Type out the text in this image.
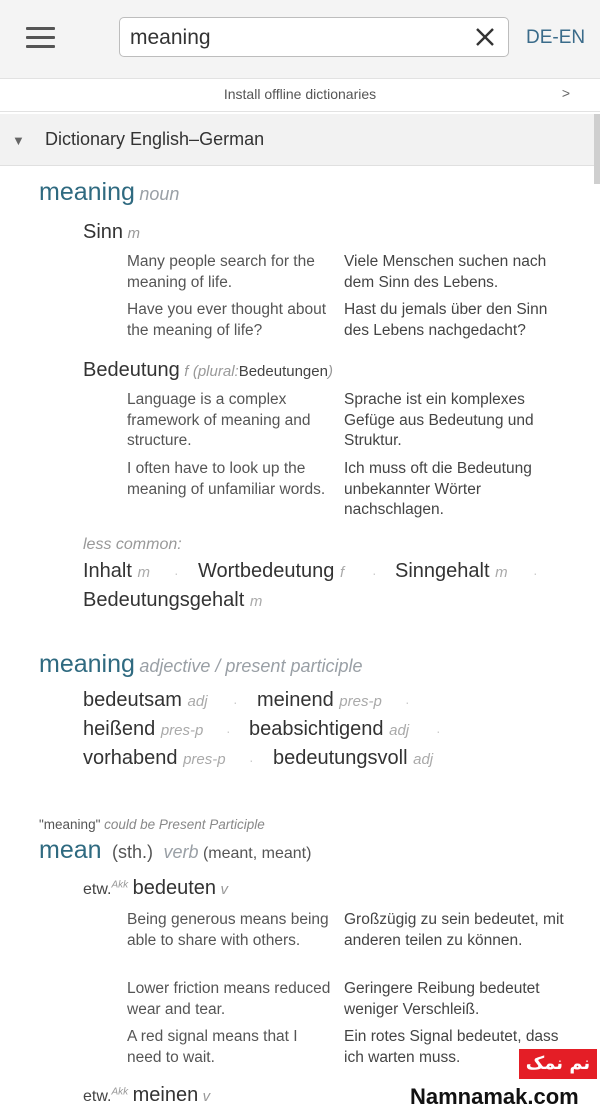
meaning
DE-EN
Install offline dictionaries	>
▼ Dictionary English–German
meaning noun
Sinn m
Many people search for the meaning of life.
Viele Menschen suchen nach dem Sinn des Lebens.
Have you ever thought about the meaning of life?
Hast du jemals über den Sinn des Lebens nachgedacht?
Bedeutung f (plural:Bedeutungen)
Language is a complex framework of meaning and structure.
Sprache ist ein komplexes Gefüge aus Bedeutung und Struktur.
I often have to look up the meaning of unfamiliar words.
Ich muss oft die Bedeutung unbekannter Wörter nachschlagen.
less common:
Inhalt m · Wortbedeutung f · Sinngehalt m ·
Bedeutungsgehalt m
meaning adjective / present participle
bedeutsam adj · meinend pres-p ·
heißend pres-p · beabsichtigend adj ·
vorhabend pres-p · bedeutungsvoll adj
"meaning" could be Present Participle
mean (sth.) verb (meant, meant)
etw.$^{Akk}$ bedeuten v
Being generous means being able to share with others.
Großzügig zu sein bedeutet, mit anderen teilen zu können.
Lower friction means reduced wear and tear.
Geringere Reibung bedeutet weniger Verschleiß.
A red signal means that I need to wait.
Ein rotes Signal bedeutet, dass ich warten muss.
etw.$^{Akk}$ meinen v
نم نمک
Namnamak.com
